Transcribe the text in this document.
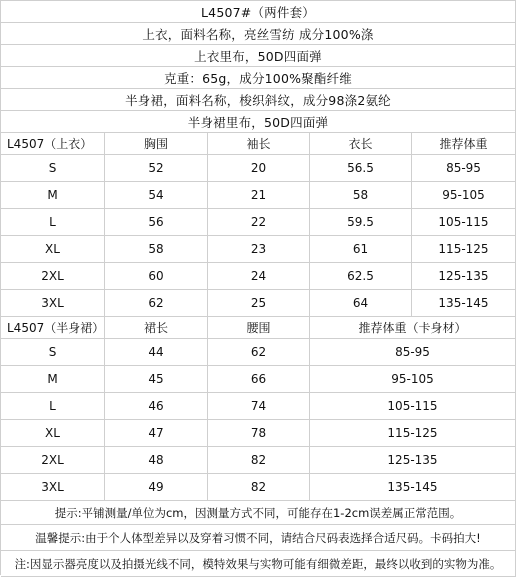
L4507#（两件套）
上衣，面料名称，亮丝雪纺 成分100%涤
上衣里布，50D四面弹
克重：65g，成分100%聚酯纤维
半身裙，面料名称，梭织斜纹，成分98涤2氨纶
半身裙里布，50D四面弹
L4507（上衣）	胸围	袖长	衣长	推荐体重
S	52	20	56.5	85-95
M	54	21	58	95-105
L	56	22	59.5	105-115
XL	58	23	61	115-125
2XL	60	24	62.5	125-135
3XL	62	25	64	135-145
L4507（半身裙）	裙长	腰围	推荐体重（卡身材）
S	44	62	85-95
M	45	66	95-105
L	46	74	105-115
XL	47	78	115-125
2XL	48	82	125-135
3XL	49	82	135-145
提示:平铺测量/单位为cm，因测量方式不同，可能存在1-2cm误差属正常范围。
温馨提示:由于个人体型差异以及穿着习惯不同，请结合尺码表选择合适尺码。卡码拍大!
注:因显示器亮度以及拍摄光线不同，模特效果与实物可能有细微差距，最终以收到的实物为准。
